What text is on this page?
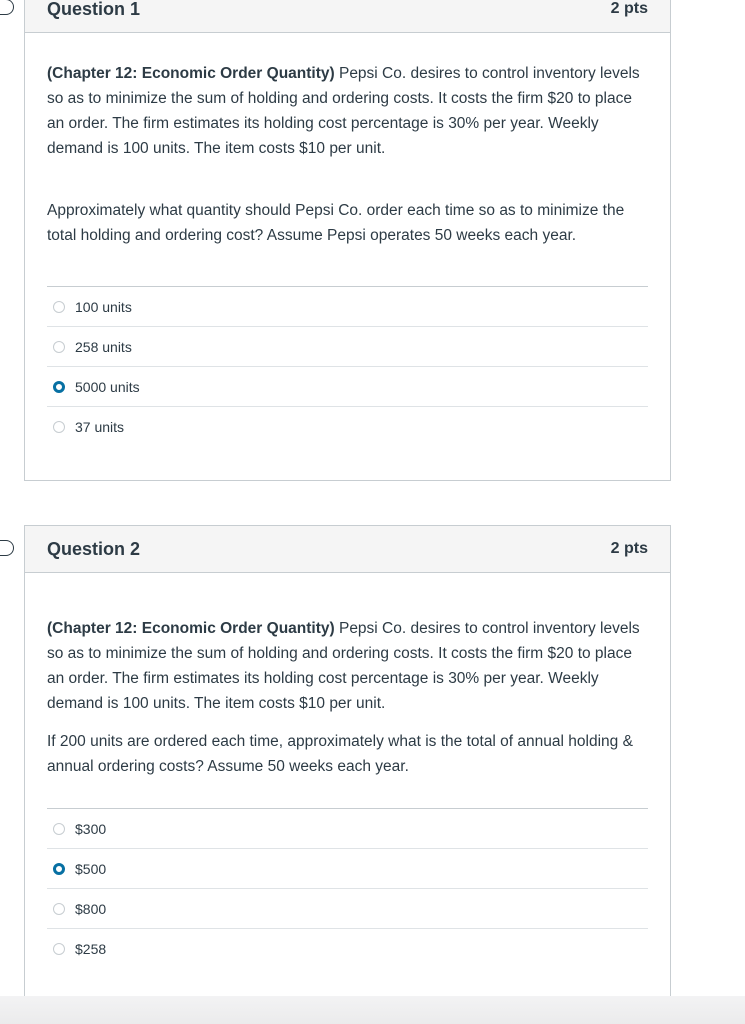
Question 1	2 pts

(Chapter 12: Economic Order Quantity) Pepsi Co. desires to control inventory levels so as to minimize the sum of holding and ordering costs. It costs the firm $20 to place an order. The firm estimates its holding cost percentage is 30% per year. Weekly demand is 100 units. The item costs $10 per unit.

Approximately what quantity should Pepsi Co. order each time so as to minimize the total holding and ordering cost? Assume Pepsi operates 50 weeks each year.

100 units
258 units
5000 units
37 units
Question 2	2 pts

(Chapter 12: Economic Order Quantity) Pepsi Co. desires to control inventory levels so as to minimize the sum of holding and ordering costs. It costs the firm $20 to place an order. The firm estimates its holding cost percentage is 30% per year. Weekly demand is 100 units. The item costs $10 per unit.

If 200 units are ordered each time, approximately what is the total of annual holding & annual ordering costs? Assume 50 weeks each year.

$300
$500
$800
$258
